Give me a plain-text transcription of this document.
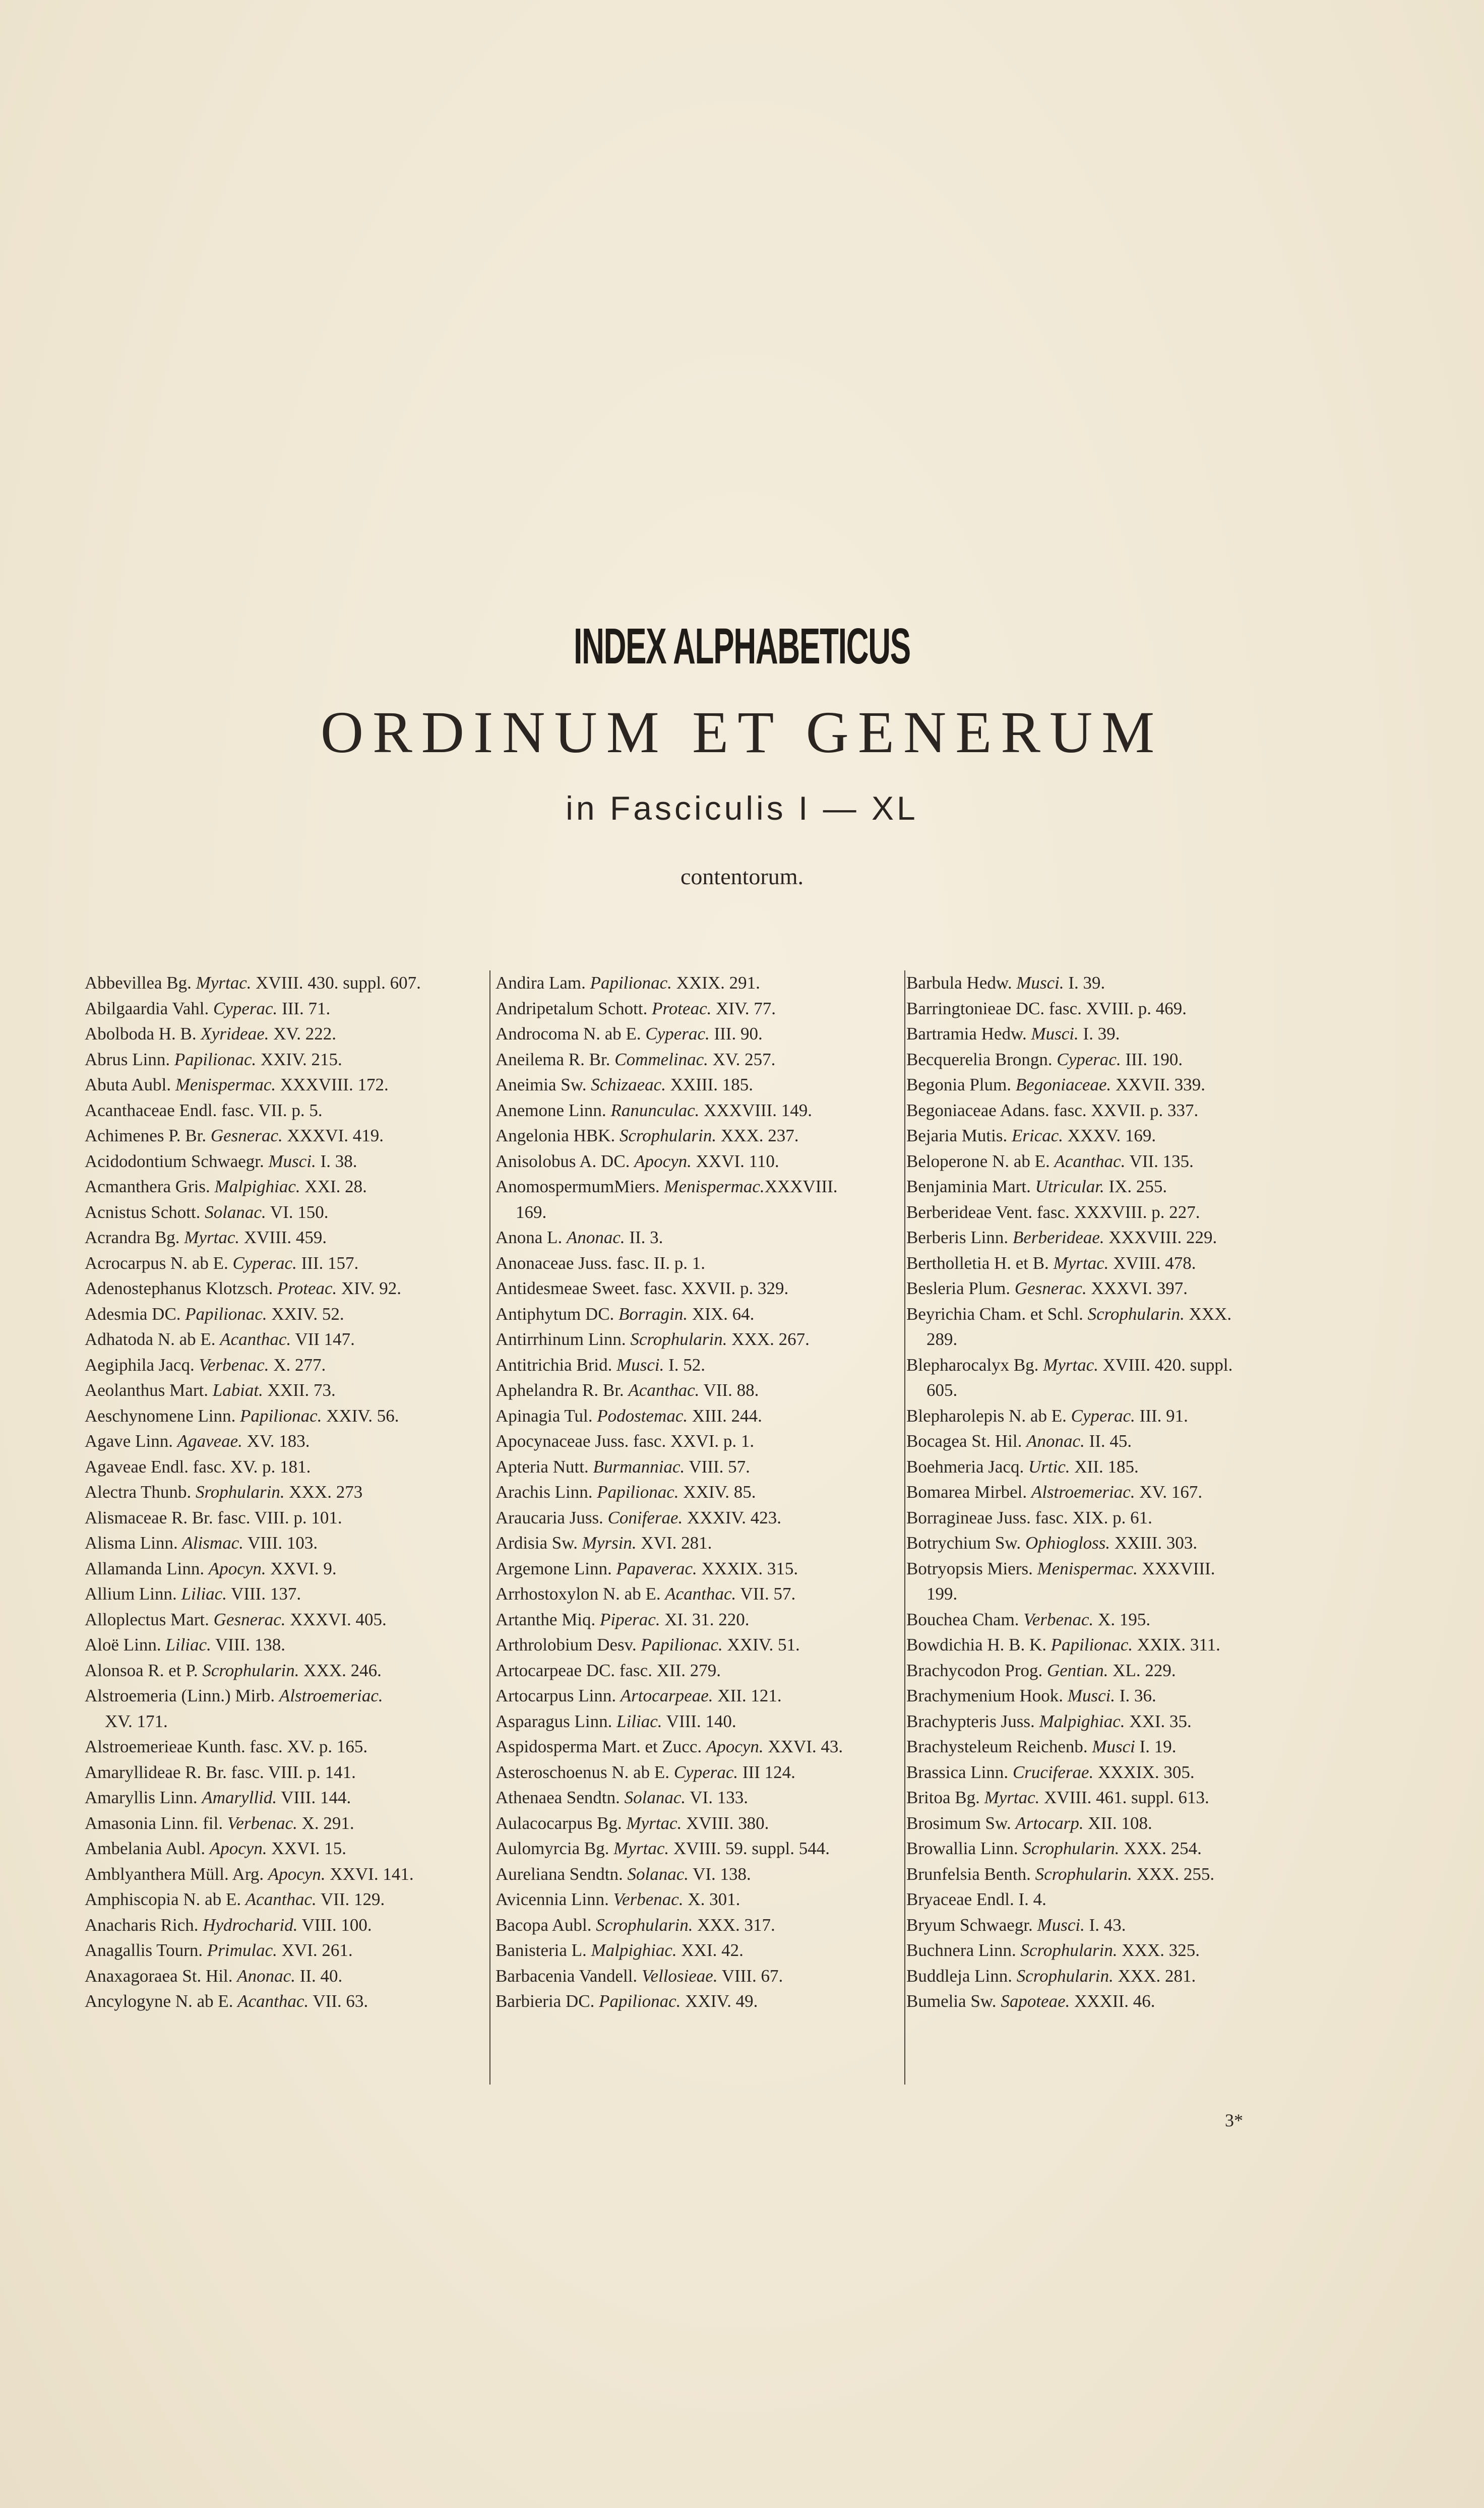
INDEX ALPHABETICUS
ORDINUM ET GENERUM
in Fasciculis I — XL
contentorum.
Abbevillea Bg. Myrtac. XVIII. 430. suppl. 607.
Abilgaardia Vahl. Cyperac. III. 71.
Abolboda H. B. Xyrideae. XV. 222.
Abrus Linn. Papilionac. XXIV. 215.
Abuta Aubl. Menispermac. XXXVIII. 172.
Acanthaceae Endl. fasc. VII. p. 5.
Achimenes P. Br. Gesnerac. XXXVI. 419.
Acidodontium Schwaegr. Musci. I. 38.
Acmanthera Gris. Malpighiac. XXI. 28.
Acnistus Schott. Solanac. VI. 150.
Acrandra Bg. Myrtac. XVIII. 459.
Acrocarpus N. ab E. Cyperac. III. 157.
Adenostephanus Klotzsch. Proteac. XIV. 92.
Adesmia DC. Papilionac. XXIV. 52.
Adhatoda N. ab E. Acanthac. VII 147.
Aegiphila Jacq. Verbenac. X. 277.
Aeolanthus Mart. Labiat. XXII. 73.
Aeschynomene Linn. Papilionac. XXIV. 56.
Agave Linn. Agaveae. XV. 183.
Agaveae Endl. fasc. XV. p. 181.
Alectra Thunb. Srophularin. XXX. 273
Alismaceae R. Br. fasc. VIII. p. 101.
Alisma Linn. Alismac. VIII. 103.
Allamanda Linn. Apocyn. XXVI. 9.
Allium Linn. Liliac. VIII. 137.
Alloplectus Mart. Gesnerac. XXXVI. 405.
Aloë Linn. Liliac. VIII. 138.
Alonsoa R. et P. Scrophularin. XXX. 246.
Alstroemeria (Linn.) Mirb. Alstroemeriac.
XV. 171.
Alstroemerieae Kunth. fasc. XV. p. 165.
Amaryllideae R. Br. fasc. VIII. p. 141.
Amaryllis Linn. Amaryllid. VIII. 144.
Amasonia Linn. fil. Verbenac. X. 291.
Ambelania Aubl. Apocyn. XXVI. 15.
Amblyanthera Müll. Arg. Apocyn. XXVI. 141.
Amphiscopia N. ab E. Acanthac. VII. 129.
Anacharis Rich. Hydrocharid. VIII. 100.
Anagallis Tourn. Primulac. XVI. 261.
Anaxagoraea St. Hil. Anonac. II. 40.
Ancylogyne N. ab E. Acanthac. VII. 63.
Andira Lam. Papilionac. XXIX. 291.
Andripetalum Schott. Proteac. XIV. 77.
Androcoma N. ab E. Cyperac. III. 90.
Aneilema R. Br. Commelinac. XV. 257.
Aneimia Sw. Schizaeac. XXIII. 185.
Anemone Linn. Ranunculac. XXXVIII. 149.
Angelonia HBK. Scrophularin. XXX. 237.
Anisolobus A. DC. Apocyn. XXVI. 110.
AnomospermumMiers. Menispermac.XXXVIII.
169.
Anona L. Anonac. II. 3.
Anonaceae Juss. fasc. II. p. 1.
Antidesmeae Sweet. fasc. XXVII. p. 329.
Antiphytum DC. Borragin. XIX. 64.
Antirrhinum Linn. Scrophularin. XXX. 267.
Antitrichia Brid. Musci. I. 52.
Aphelandra R. Br. Acanthac. VII. 88.
Apinagia Tul. Podostemac. XIII. 244.
Apocynaceae Juss. fasc. XXVI. p. 1.
Apteria Nutt. Burmanniac. VIII. 57.
Arachis Linn. Papilionac. XXIV. 85.
Araucaria Juss. Coniferae. XXXIV. 423.
Ardisia Sw. Myrsin. XVI. 281.
Argemone Linn. Papaverac. XXXIX. 315.
Arrhostoxylon N. ab E. Acanthac. VII. 57.
Artanthe Miq. Piperac. XI. 31. 220.
Arthrolobium Desv. Papilionac. XXIV. 51.
Artocarpeae DC. fasc. XII. 279.
Artocarpus Linn. Artocarpeae. XII. 121.
Asparagus Linn. Liliac. VIII. 140.
Aspidosperma Mart. et Zucc. Apocyn. XXVI. 43.
Asteroschoenus N. ab E. Cyperac. III 124.
Athenaea Sendtn. Solanac. VI. 133.
Aulacocarpus Bg. Myrtac. XVIII. 380.
Aulomyrcia Bg. Myrtac. XVIII. 59. suppl. 544.
Aureliana Sendtn. Solanac. VI. 138.
Avicennia Linn. Verbenac. X. 301.
Bacopa Aubl. Scrophularin. XXX. 317.
Banisteria L. Malpighiac. XXI. 42.
Barbacenia Vandell. Vellosieae. VIII. 67.
Barbieria DC. Papilionac. XXIV. 49.
Barbula Hedw. Musci. I. 39.
Barringtonieae DC. fasc. XVIII. p. 469.
Bartramia Hedw. Musci. I. 39.
Becquerelia Brongn. Cyperac. III. 190.
Begonia Plum. Begoniaceae. XXVII. 339.
Begoniaceae Adans. fasc. XXVII. p. 337.
Bejaria Mutis. Ericac. XXXV. 169.
Beloperone N. ab E. Acanthac. VII. 135.
Benjaminia Mart. Utricular. IX. 255.
Berberideae Vent. fasc. XXXVIII. p. 227.
Berberis Linn. Berberideae. XXXVIII. 229.
Bertholletia H. et B. Myrtac. XVIII. 478.
Besleria Plum. Gesnerac. XXXVI. 397.
Beyrichia Cham. et Schl. Scrophularin. XXX.
289.
Blepharocalyx Bg. Myrtac. XVIII. 420. suppl.
605.
Blepharolepis N. ab E. Cyperac. III. 91.
Bocagea St. Hil. Anonac. II. 45.
Boehmeria Jacq. Urtic. XII. 185.
Bomarea Mirbel. Alstroemeriac. XV. 167.
Borragineae Juss. fasc. XIX. p. 61.
Botrychium Sw. Ophiogloss. XXIII. 303.
Botryopsis Miers. Menispermac. XXXVIII.
199.
Bouchea Cham. Verbenac. X. 195.
Bowdichia H. B. K. Papilionac. XXIX. 311.
Brachycodon Prog. Gentian. XL. 229.
Brachymenium Hook. Musci. I. 36.
Brachypteris Juss. Malpighiac. XXI. 35.
Brachysteleum Reichenb. Musci I. 19.
Brassica Linn. Cruciferae. XXXIX. 305.
Britoa Bg. Myrtac. XVIII. 461. suppl. 613.
Brosimum Sw. Artocarp. XII. 108.
Browallia Linn. Scrophularin. XXX. 254.
Brunfelsia Benth. Scrophularin. XXX. 255.
Bryaceae Endl. I. 4.
Bryum Schwaegr. Musci. I. 43.
Buchnera Linn. Scrophularin. XXX. 325.
Buddleja Linn. Scrophularin. XXX. 281.
Bumelia Sw. Sapoteae. XXXII. 46.
3*
